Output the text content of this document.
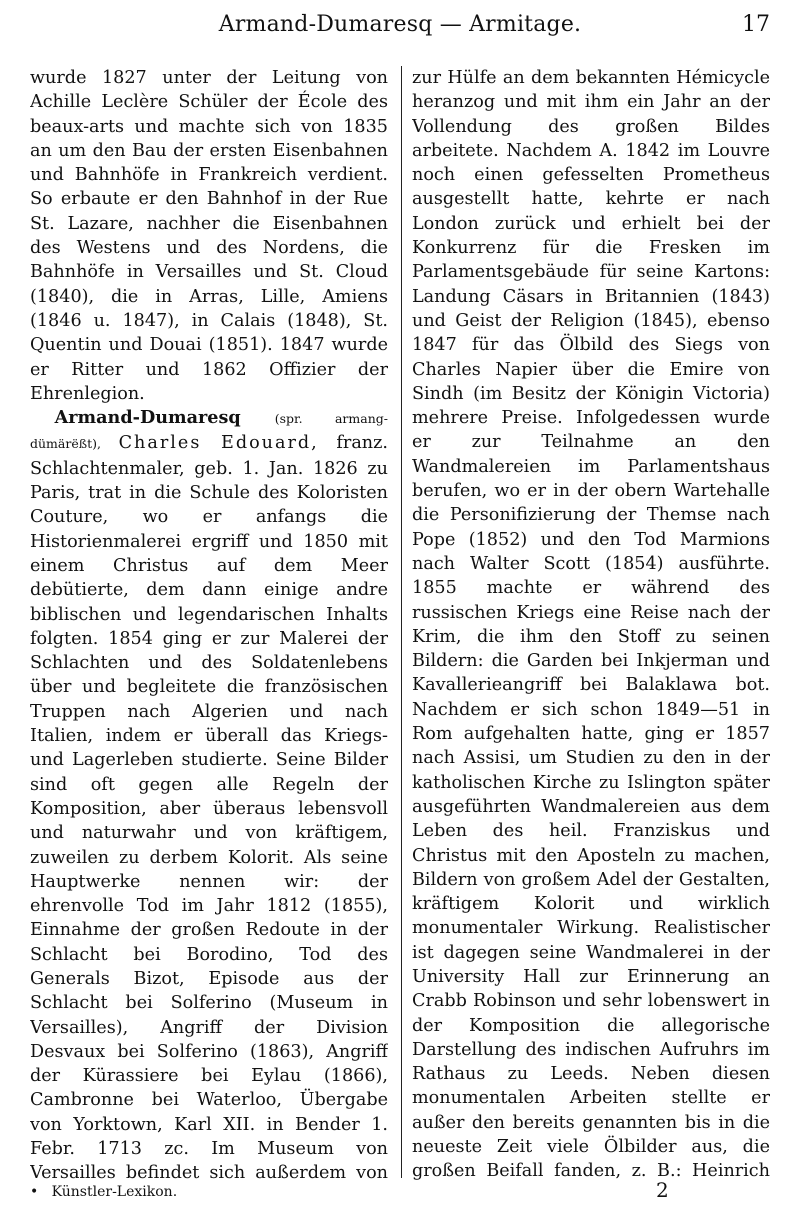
Armand-Dumaresq — Armitage.	17

wurde 1827 unter der Leitung von Achille Leclère Schüler der École des beaux-arts und machte sich von 1835 an um den Bau der ersten Eisenbahnen und Bahnhöfe in Frankreich verdient. So erbaute er den Bahnhof in der Rue St. Lazare, nachher die Eisenbahnen des Westens und des Nordens, die Bahnhöfe in Versailles und St. Cloud (1840), die in Arras, Lille, Amiens (1846 u. 1847), in Calais (1848), St. Quentin und Douai (1851). 1847 wurde er Ritter und 1862 Offizier der Ehrenlegion.

Armand-Dumaresq	(spr. armang-dümärëßt), Charles Edouard, franz. Schlachtenmaler, geb. 1. Jan. 1826 zu Paris, trat in die Schule des Koloristen Couture, wo er anfangs die Historienmalerei ergriff und 1850 mit einem Christus auf dem Meer debütierte, dem dann einige andre biblischen und legendarischen Inhalts folgten. 1854 ging er zur Malerei der Schlachten und des Soldatenlebens über und begleitete die französischen Truppen nach Algerien und nach Italien, indem er überall das Kriegs- und Lagerleben studierte. Seine Bilder sind oft gegen alle Regeln der Komposition, aber überaus lebensvoll und naturwahr und von kräftigem, zuweilen zu derbem Kolorit. Als seine Hauptwerke nennen wir: der ehrenvolle Tod im Jahr 1812 (1855), Einnahme der großen Redoute in der Schlacht bei Borodino, Tod des Generals Bizot, Episode aus der Schlacht bei Solferino (Museum in Versailles), Angriff der Division Desvaux bei Solferino (1863), Angriff der Kürassiere bei Eylau (1866), Cambronne bei Waterloo, Übergabe von Yorktown, Karl XII. in Bender 1. Febr. 1713 zc. Im Museum von Versailles befindet sich außerdem von

zur Hülfe an dem bekannten Hémicycle heranzog und mit ihm ein Jahr an der Vollendung des großen Bildes arbeitete. Nachdem A. 1842 im Louvre noch einen gefesselten Prometheus ausgestellt hatte, kehrte er nach London zurück und erhielt bei der Konkurrenz für die Fresken im Parlamentsgebäude für seine Kartons: Landung Cäsars in Britannien (1843) und Geist der Religion (1845), ebenso 1847 für das Ölbild des Siegs von Charles Napier über die Emire von Sindh (im Besitz der Königin Victoria) mehrere Preise. Infolgedessen wurde er zur Teilnahme an den Wandmalereien im Parlamentshaus berufen, wo er in der obern Wartehalle die Personifizierung der Themse nach Pope (1852) und den Tod Marmions nach Walter Scott (1854) ausführte. 1855 machte er während des russischen Kriegs eine Reise nach der Krim, die ihm den Stoff zu seinen Bildern: die Garden bei Inkjerman und Kavallerieangriff bei Balaklawa bot. Nachdem er sich schon 1849—51 in Rom aufgehalten hatte, ging er 1857 nach Assisi, um Studien zu den in der katholischen Kirche zu Islington später ausgeführten Wandmalereien aus dem Leben des heil. Franziskus und Christus mit den Aposteln zu machen, Bildern von großem Adel der Gestalten, kräftigem Kolorit und wirklich monumentaler Wirkung. Realistischer ist dagegen seine Wandmalerei in der University Hall zur Erinnerung an Crabb Robinson und sehr lobenswert in der Komposition die allegorische Darstellung des indischen Aufruhrs im Rathaus zu Leeds. Neben diesen monumentalen Arbeiten stellte er außer den bereits genannten bis in die neueste Zeit viele Ölbilder aus, die großen Beifall fanden, z. B.: Heinrich

• Künstler-Lexikon.	2
